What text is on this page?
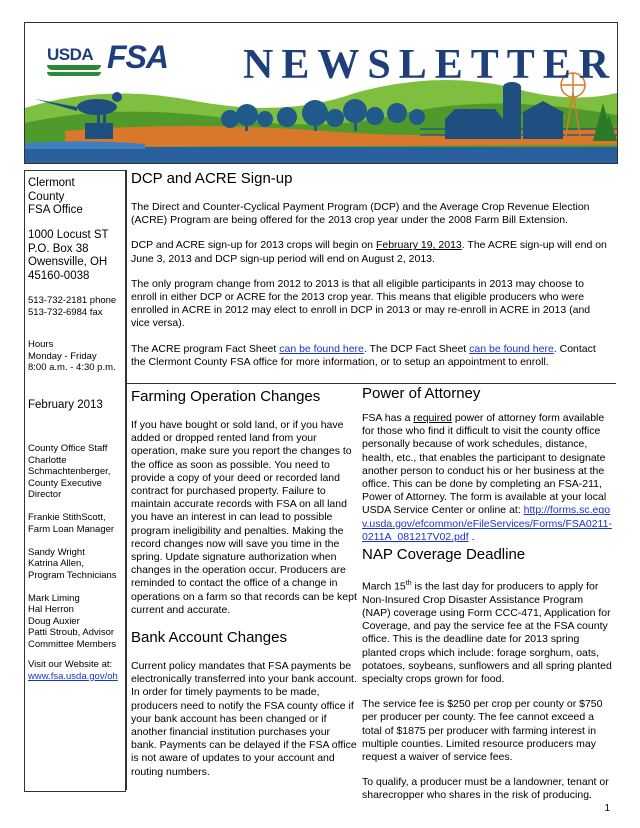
USDA FSA NEWSLETTER
Clermont
County
FSA Office
1000 Locust ST
P.O. Box 38
Owensville, OH
45160-0038
513-732-2181 phone
513-732-6984 fax
Hours
Monday - Friday
8:00 a.m. - 4:30 p.m.
February 2013
County Office Staff
Charlotte
Schmachtenberger,
County Executive
Director
Frankie StithScott,
Farm Loan Manager
Sandy Wright
Katrina Allen,
Program Technicians
Mark Liming
Hal Herron
Doug Auxier
Patti Stroub, Advisor
Committee Members
Visit our Website at:
www.fsa.usda.gov/oh
DCP and ACRE Sign-up
The Direct and Counter-Cyclical Payment Program (DCP) and the Average Crop Revenue Election (ACRE) Program are being offered for the 2013 crop year under the 2008 Farm Bill Extension.
DCP and ACRE sign-up for 2013 crops will begin on February 19, 2013. The ACRE sign-up will end on June 3, 2013 and DCP sign-up period will end on August 2, 2013.
The only program change from 2012 to 2013 is that all eligible participants in 2013 may choose to enroll in either DCP or ACRE for the 2013 crop year. This means that eligible producers who were enrolled in ACRE in 2012 may elect to enroll in DCP in 2013 or may re-enroll in ACRE in 2013 (and vice versa).
The ACRE program Fact Sheet can be found here. The DCP Fact Sheet can be found here. Contact the Clermont County FSA office for more information, or to setup an appointment to enroll.
Farming Operation Changes
If you have bought or sold land, or if you have added or dropped rented land from your operation, make sure you report the changes to the office as soon as possible. You need to provide a copy of your deed or recorded land contract for purchased property. Failure to maintain accurate records with FSA on all land you have an interest in can lead to possible program ineligibility and penalties. Making the record changes now will save you time in the spring. Update signature authorization when changes in the operation occur. Producers are reminded to contact the office of a change in operations on a farm so that records can be kept current and accurate.
Bank Account Changes
Current policy mandates that FSA payments be electronically transferred into your bank account. In order for timely payments to be made, producers need to notify the FSA county office if your bank account has been changed or if another financial institution purchases your bank. Payments can be delayed if the FSA office is not aware of updates to your account and routing numbers.
Power of Attorney
FSA has a required power of attorney form available for those who find it difficult to visit the county office personally because of work schedules, distance, health, etc., that enables the participant to designate another person to conduct his or her business at the office. This can be done by completing an FSA-211, Power of Attorney. The form is available at your local USDA Service Center or online at: http://forms.sc.egov.usda.gov/efcommon/eFileServices/Forms/FSA0211-0211A_081217V02.pdf .
NAP Coverage Deadline
March 15th is the last day for producers to apply for Non-Insured Crop Disaster Assistance Program (NAP) coverage using Form CCC-471, Application for Coverage, and pay the service fee at the FSA county office. This is the deadline date for 2013 spring planted crops which include: forage sorghum, oats, potatoes, soybeans, sunflowers and all spring planted specialty crops grown for food.
The service fee is $250 per crop per county or $750 per producer per county. The fee cannot exceed a total of $1875 per producer with farming interest in multiple counties. Limited resource producers may request a waiver of service fees.
To qualify, a producer must be a landowner, tenant or sharecropper who shares in the risk of producing.
1
